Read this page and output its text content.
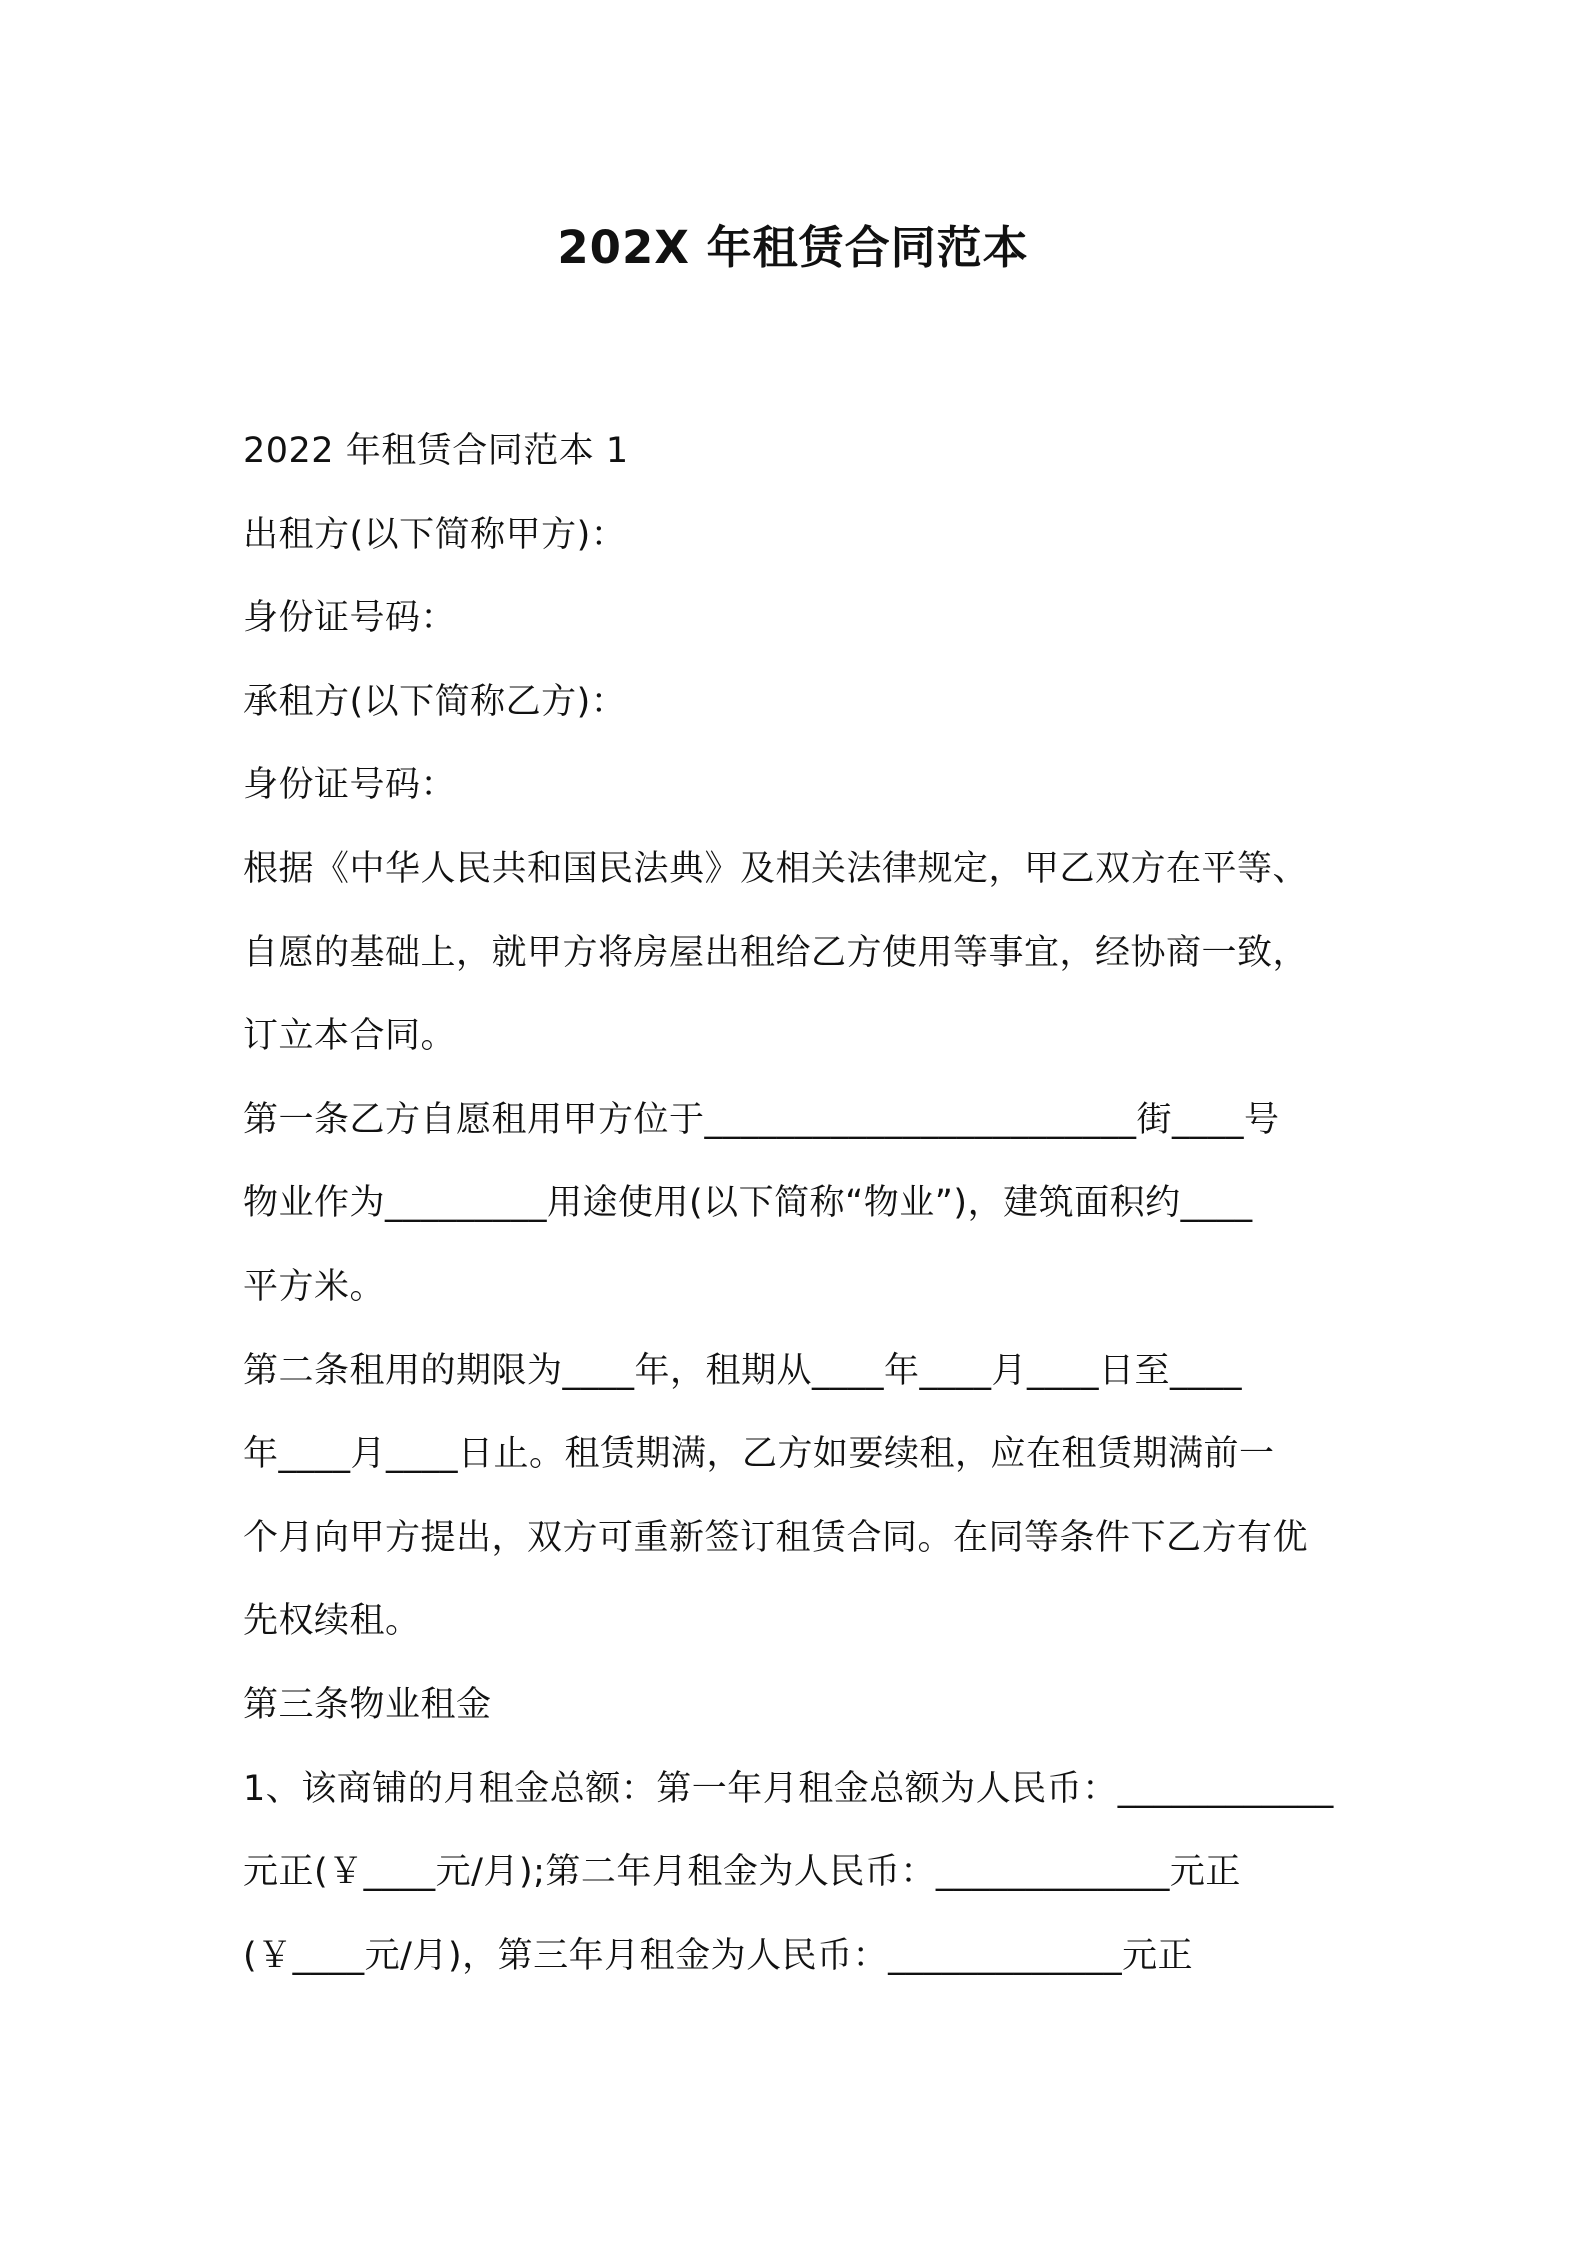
202X 年租赁合同范本
2022 年租赁合同范本 1
出租方(以下简称甲方)：
身份证号码：
承租方(以下简称乙方)：
身份证号码：
根据《中华人民共和国民法典》及相关法律规定，甲乙双方在平等、
自愿的基础上，就甲方将房屋出租给乙方使用等事宜，经协商一致，
订立本合同。
第一条乙方自愿租用甲方位于________________________街____号
物业作为_________用途使用(以下简称“物业”)，建筑面积约____
平方米。
第二条租用的期限为____年，租期从____年____月____日至____
年____月____日止。租赁期满，乙方如要续租，应在租赁期满前一
个月向甲方提出，双方可重新签订租赁合同。在同等条件下乙方有优
先权续租。
第三条物业租金
1、该商铺的月租金总额：第一年月租金总额为人民币：____________
元正(￥____元/月);第二年月租金为人民币：_____________元正
(￥____元/月)，第三年月租金为人民币：_____________元正
